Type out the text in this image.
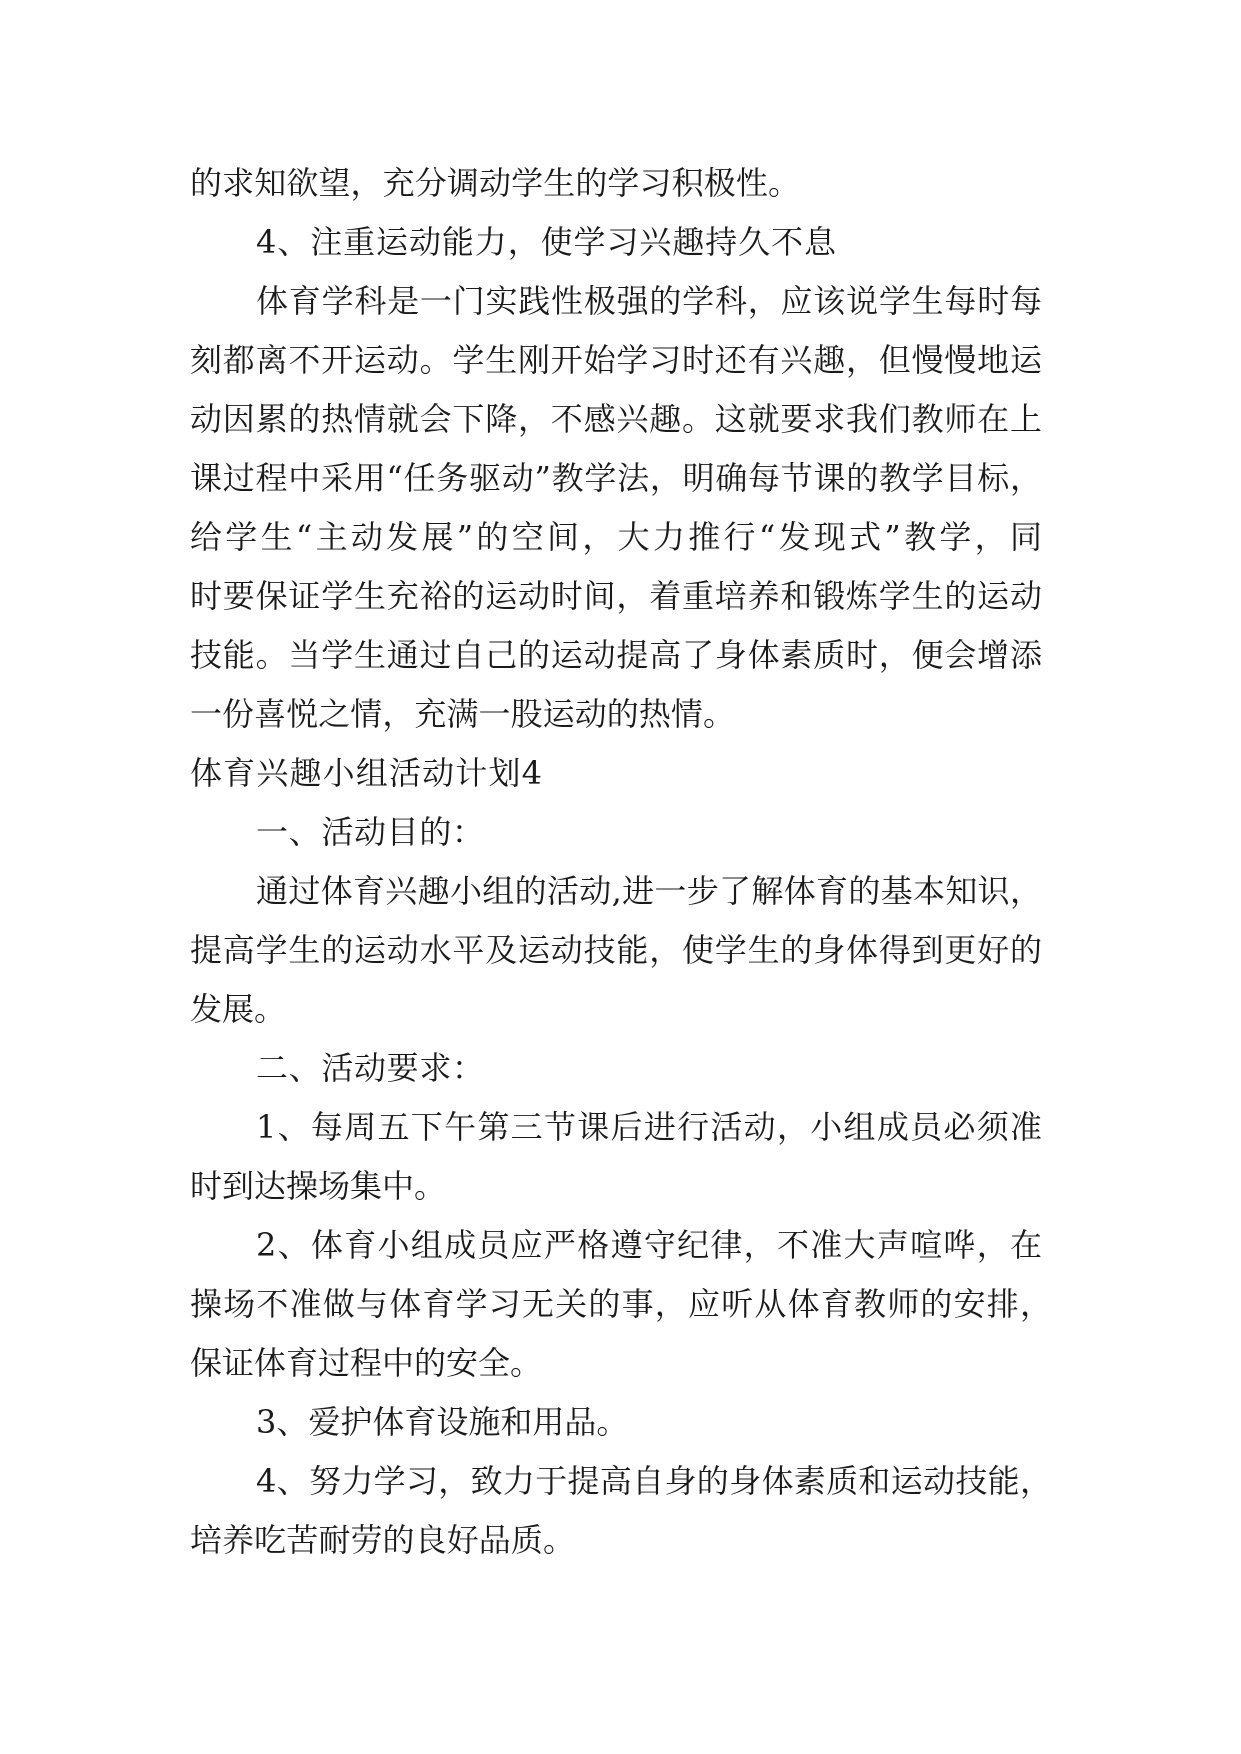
的求知欲望，充分调动学生的学习积极性。
4、注重运动能力，使学习兴趣持久不息
体育学科是一门实践性极强的学科，应该说学生每时每
刻都离不开运动。学生刚开始学习时还有兴趣，但慢慢地运
动因累的热情就会下降，不感兴趣。这就要求我们教师在上
课过程中采用“任务驱动”教学法，明确每节课的教学目标，
给学生“主动发展”的空间，大力推行“发现式”教学，同
时要保证学生充裕的运动时间，着重培养和锻炼学生的运动
技能。当学生通过自己的运动提高了身体素质时，便会增添
一份喜悦之情，充满一股运动的热情。
体育兴趣小组活动计划4
一、活动目的：
通过体育兴趣小组的活动,进一步了解体育的基本知识，
提高学生的运动水平及运动技能，使学生的身体得到更好的
发展。
二、活动要求：
1、每周五下午第三节课后进行活动，小组成员必须准
时到达操场集中。
2、体育小组成员应严格遵守纪律，不准大声喧哗，在
操场不准做与体育学习无关的事，应听从体育教师的安排，
保证体育过程中的安全。
3、爱护体育设施和用品。
4、努力学习，致力于提高自身的身体素质和运动技能，
培养吃苦耐劳的良好品质。
